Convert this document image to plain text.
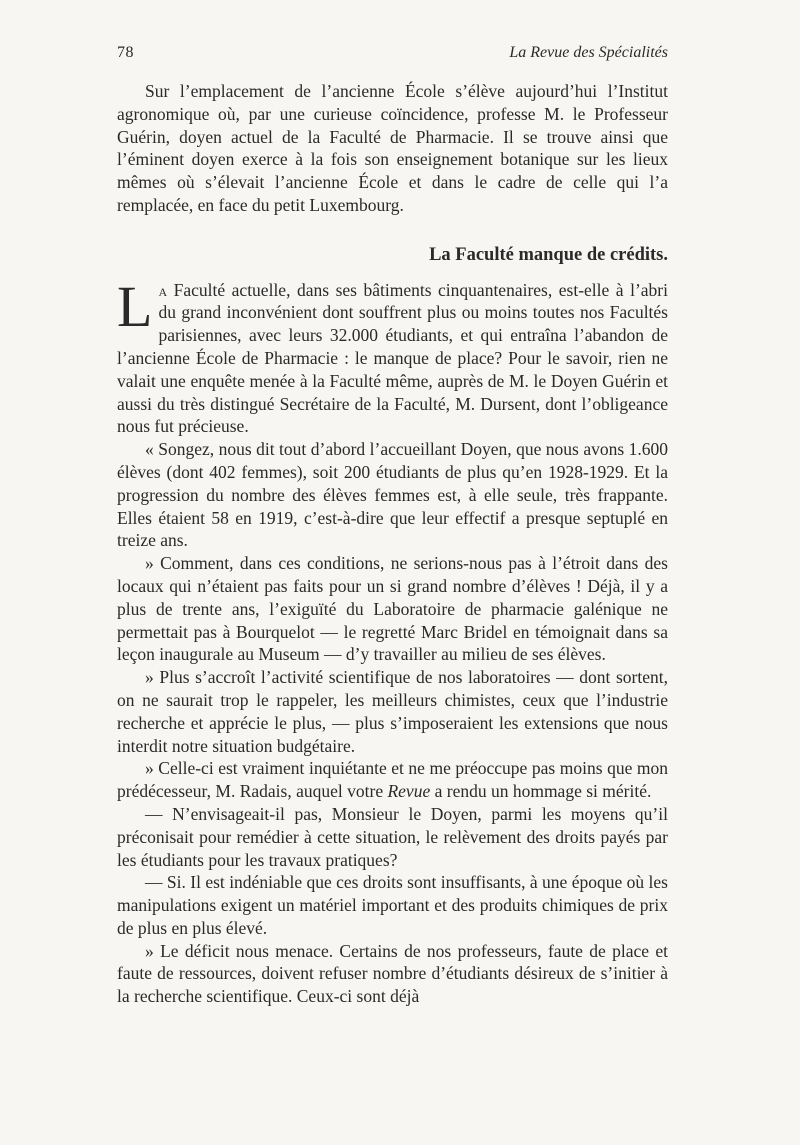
78	La Revue des Spécialités

Sur l’emplacement de l’ancienne École s’élève aujourd’hui l’Institut agronomique où, par une curieuse coïncidence, professe M. le Professeur Guérin, doyen actuel de la Faculté de Pharmacie. Il se trouve ainsi que l’éminent doyen exerce à la fois son enseignement botanique sur les lieux mêmes où s’élevait l’ancienne École et dans le cadre de celle qui l’a remplacée, en face du petit Luxembourg.

La Faculté manque de crédits.

La Faculté actuelle, dans ses bâtiments cinquantenaires, est-elle à l’abri du grand inconvénient dont souffrent plus ou moins toutes nos Facultés parisiennes, avec leurs 32.000 étudiants, et qui entraîna l’abandon de l’ancienne École de Pharmacie : le manque de place? Pour le savoir, rien ne valait une enquête menée à la Faculté même, auprès de M. le Doyen Guérin et aussi du très distingué Secrétaire de la Faculté, M. Dursent, dont l’obligeance nous fut précieuse.

« Songez, nous dit tout d’abord l’accueillant Doyen, que nous avons 1.600 élèves (dont 402 femmes), soit 200 étudiants de plus qu’en 1928-1929. Et la progression du nombre des élèves femmes est, à elle seule, très frappante. Elles étaient 58 en 1919, c’est-à-dire que leur effectif a presque septuplé en treize ans.

» Comment, dans ces conditions, ne serions-nous pas à l’étroit dans des locaux qui n’étaient pas faits pour un si grand nombre d’élèves ! Déjà, il y a plus de trente ans, l’exiguïté du Laboratoire de pharmacie galénique ne permettait pas à Bourquelot — le regretté Marc Bridel en témoignait dans sa leçon inaugurale au Museum — d’y travailler au milieu de ses élèves.

» Plus s’accroît l’activité scientifique de nos laboratoires — dont sortent, on ne saurait trop le rappeler, les meilleurs chimistes, ceux que l’industrie recherche et apprécie le plus, — plus s’imposeraient les extensions que nous interdit notre situation budgétaire.

» Celle-ci est vraiment inquiétante et ne me préoccupe pas moins que mon prédécesseur, M. Radais, auquel votre Revue a rendu un hommage si mérité.

— N’envisageait-il pas, Monsieur le Doyen, parmi les moyens qu’il préconisait pour remédier à cette situation, le relèvement des droits payés par les étudiants pour les travaux pratiques?

— Si. Il est indéniable que ces droits sont insuffisants, à une époque où les manipulations exigent un matériel important et des produits chimiques de prix de plus en plus élevé.

» Le déficit nous menace. Certains de nos professeurs, faute de place et faute de ressources, doivent refuser nombre d’étudiants désireux de s’initier à la recherche scientifique. Ceux-ci sont déjà
